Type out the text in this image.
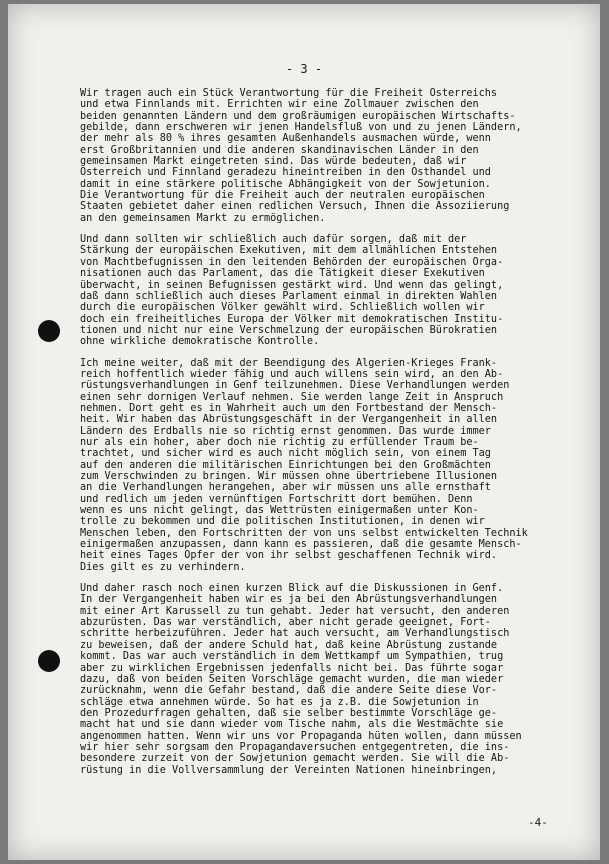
- 3 -
Wir tragen auch ein Stück Verantwortung für die Freiheit Österreichs
und etwa Finnlands mit. Errichten wir eine Zollmauer zwischen den
beiden genannten Ländern und dem großräumigen europäischen Wirtschafts-
gebilde, dann erschweren wir jenen Handelsfluß von und zu jenen Ländern,
der mehr als 80 % ihres gesamten Außenhandels ausmachen würde, wenn
erst Großbritannien und die anderen skandinavischen Länder in den
gemeinsamen Markt eingetreten sind. Das würde bedeuten, daß wir
Österreich und Finnland geradezu hineintreiben in den Osthandel und
damit in eine stärkere politische Abhängigkeit von der Sowjetunion.
Die Verantwortung für die Freiheit auch der neutralen europäischen
Staaten gebietet daher einen redlichen Versuch, Ihnen die Assoziierung
an den gemeinsamen Markt zu ermöglichen.
Und dann sollten wir schließlich auch dafür sorgen, daß mit der
Stärkung der europäischen Exekutiven, mit dem allmählichen Entstehen
von Machtbefugnissen in den leitenden Behörden der europäischen Orga-
nisationen auch das Parlament, das die Tätigkeit dieser Exekutiven
überwacht, in seinen Befugnissen gestärkt wird. Und wenn das gelingt,
daß dann schließlich auch dieses Parlament einmal in direkten Wahlen
durch die europäischen Völker gewählt wird. Schließlich wollen wir
doch ein freiheitliches Europa der Völker mit demokratischen Institu-
tionen und nicht nur eine Verschmelzung der europäischen Bürokratien
ohne wirkliche demokratische Kontrolle.
Ich meine weiter, daß mit der Beendigung des Algerien-Krieges Frank-
reich hoffentlich wieder fähig und auch willens sein wird, an den Ab-
rüstungsverhandlungen in Genf teilzunehmen. Diese Verhandlungen werden
einen sehr dornigen Verlauf nehmen. Sie werden lange Zeit in Anspruch
nehmen. Dort geht es in Wahrheit auch um den Fortbestand der Mensch-
heit. Wir haben das Abrüstungsgeschäft in der Vergangenheit in allen
Ländern des Erdballs nie so richtig ernst genommen. Das wurde immer
nur als ein hoher, aber doch nie richtig zu erfüllender Traum be-
trachtet, und sicher wird es auch nicht möglich sein, von einem Tag
auf den anderen die militärischen Einrichtungen bei den Großmächten
zum Verschwinden zu bringen. Wir müssen ohne übertriebene Illusionen
an die Verhandlungen herangehen, aber wir müssen uns alle ernsthaft
und redlich um jeden vernünftigen Fortschritt dort bemühen. Denn
wenn es uns nicht gelingt, das Wettrüsten einigermaßen unter Kon-
trolle zu bekommen und die politischen Institutionen, in denen wir
Menschen leben, den Fortschritten der von uns selbst entwickelten Technik
einigermaßen anzupassen, dann kann es passieren, daß die gesamte Mensch-
heit eines Tages Opfer der von ihr selbst geschaffenen Technik wird.
Dies gilt es zu verhindern.
Und daher rasch noch einen kurzen Blick auf die Diskussionen in Genf.
In der Vergangenheit haben wir es ja bei den Abrüstungsverhandlungen
mit einer Art Karussell zu tun gehabt. Jeder hat versucht, den anderen
abzurüsten. Das war verständlich, aber nicht gerade geeignet, Fort-
schritte herbeizuführen. Jeder hat auch versucht, am Verhandlungstisch
zu beweisen, daß der andere Schuld hat, daß keine Abrüstung zustande
kommt. Das war auch verständlich in dem Wettkampf um Sympathien, trug
aber zu wirklichen Ergebnissen jedenfalls nicht bei. Das führte sogar
dazu, daß von beiden Seiten Vorschläge gemacht wurden, die man wieder
zurücknahm, wenn die Gefahr bestand, daß die andere Seite diese Vor-
schläge etwa annehmen würde. So hat es ja z.B. die Sowjetunion in
den Prozedurfragen gehalten, daß sie selber bestimmte Vorschläge ge-
macht hat und sie dann wieder vom Tische nahm, als die Westmächte sie
angenommen hatten. Wenn wir uns vor Propaganda hüten wollen, dann müssen
wir hier sehr sorgsam den Propagandaversuchen entgegentreten, die ins-
besondere zurzeit von der Sowjetunion gemacht werden. Sie will die Ab-
rüstung in die Vollversammlung der Vereinten Nationen hineinbringen,
-4-
